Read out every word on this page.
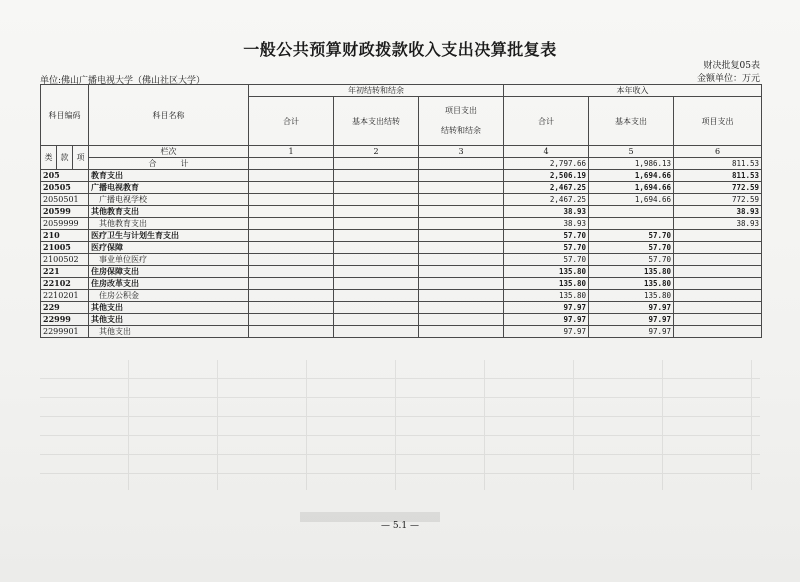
一般公共预算财政拨款收入支出决算批复表
财决批复05表
单位:佛山广播电视大学（佛山社区大学）	金额单位：万元
科目编码			科目名称	年初结转和结余			本年收入		
				合计	基本支出结转	项目支出
结转和结余	合计	基本支出	项目支出

类	款	项	栏次	1	2	3	4	5	6
			合　　　计				2,797.66	1,986.13	811.53
205			教育支出				2,506.19	1,694.66	811.53
20505			广播电视教育				2,467.25	1,694.66	772.59
2050501			广播电视学校				2,467.25	1,694.66	772.59
20599			其他教育支出				38.93		38.93
2059999			其他教育支出				38.93		38.93
210			医疗卫生与计划生育支出				57.70	57.70	
21005			医疗保障				57.70	57.70	
2100502			事业单位医疗				57.70	57.70	
221			住房保障支出				135.80	135.80	
22102			住房改革支出				135.80	135.80	
2210201			住房公积金				135.80	135.80	
229			其他支出				97.97	97.97	
22999			其他支出				97.97	97.97	
2299901			其他支出				97.97	97.97	
— 5.1 —
